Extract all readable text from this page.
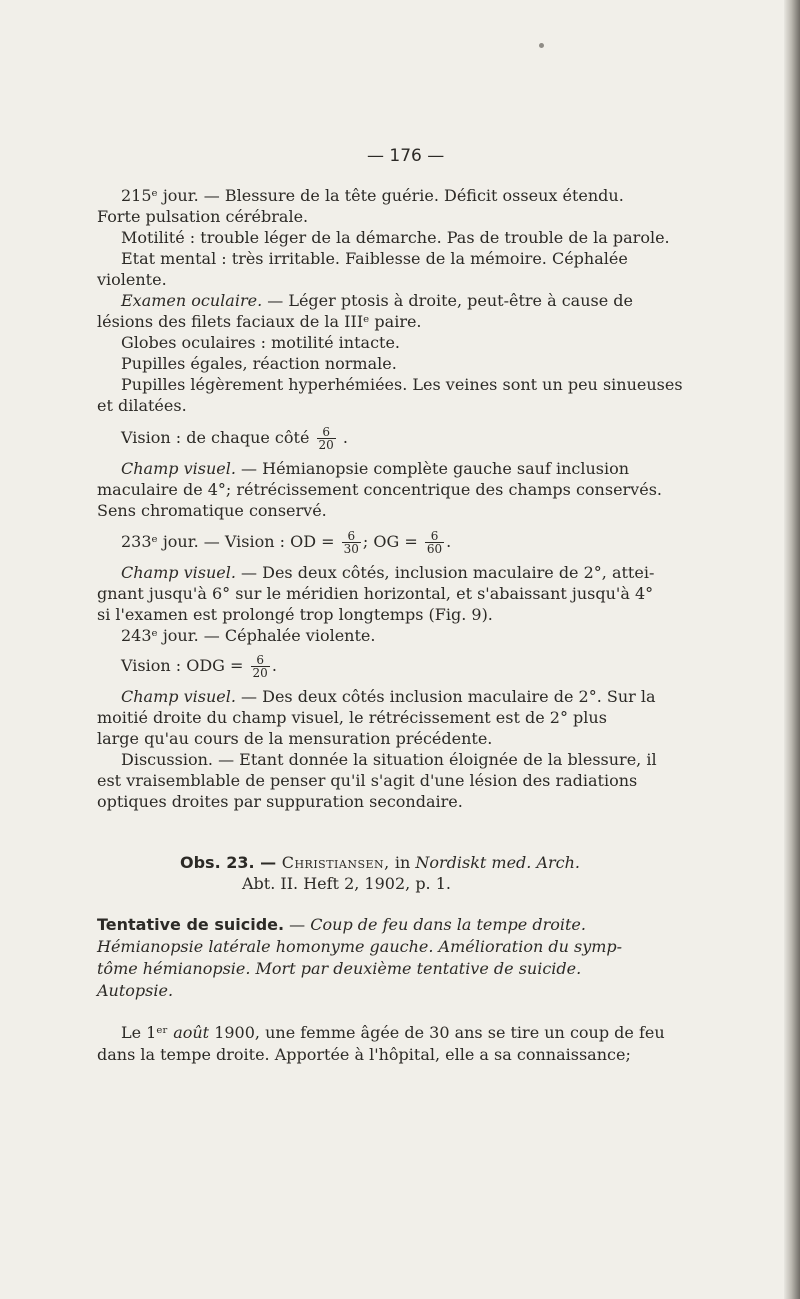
— 176 —
215ᵉ jour. — Blessure de la tête guérie. Déficit osseux étendu.
Forte pulsation cérébrale.
Motilité : trouble léger de la démarche. Pas de trouble de la parole.
Etat mental : très irritable. Faiblesse de la mémoire. Céphalée
violente.
Examen oculaire. — Léger ptosis à droite, peut-être à cause de
lésions des filets faciaux de la IIIᵉ paire.
Globes oculaires : motilité intacte.
Pupilles égales, réaction normale.
Pupilles légèrement hyperhémiées. Les veines sont un peu sinueuses
et dilatées.
Vision : de chaque côté $\frac{6}{20}$ .
Champ visuel. — Hémianopsie complète gauche sauf inclusion
maculaire de 4°; rétrécissement concentrique des champs conservés.
Sens chromatique conservé.
233ᵉ jour. — Vision : OD = $\frac{6}{30}$ ; OG = $\frac{6}{60}$ .
Champ visuel. — Des deux côtés, inclusion maculaire de 2°, attei-
gnant jusqu'à 6° sur le méridien horizontal, et s'abaissant jusqu'à 4°
si l'examen est prolongé trop longtemps (Fig. 9).
243ᵉ jour. — Céphalée violente.
Vision : ODG = $\frac{6}{20}$ .
Champ visuel. — Des deux côtés inclusion maculaire de 2°. Sur la
moitié droite du champ visuel, le rétrécissement est de 2° plus
large qu'au cours de la mensuration précédente.
Discussion. — Etant donnée la situation éloignée de la blessure, il
est vraisemblable de penser qu'il s'agit d'une lésion des radiations
optiques droites par suppuration secondaire.
Obs. 23. — Christiansen, in Nordiskt med. Arch.
Abt. II. Heft 2, 1902, p. 1.
Tentative de suicide. — Coup de feu dans la tempe droite.
Hémianopsie latérale homonyme gauche. Amélioration du symp-
tôme hémianopsie. Mort par deuxième tentative de suicide.
Autopsie.
Le 1ᵉʳ août 1900, une femme âgée de 30 ans se tire un coup de feu
dans la tempe droite. Apportée à l'hôpital, elle a sa connaissance;
